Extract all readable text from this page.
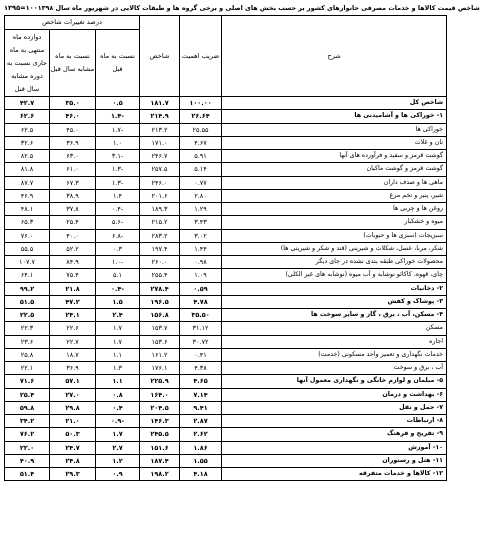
۱۰۰=۱۳۹۵ شاخص قیمت کالاها و خدمات مصرفی خانوارهای کشور بر حسب بخش های اصلی و برخی گروه ها و طبقات کالایی در شهریور ماه سال ۱۳۹۸
شرح	ضریب اهمیت	شاخص	درصد تغییرات شاخص		
			نسبت به ماه قبل	نسبت به ماه مشابه سال قبل	دوازده ماه منتهی به ماه جاری نسبت به دوره مشابه سال قبل
شاخص کل	۱۰۰.۰۰	۱۸۱.۷	۰.۵	۳۵.۰	۴۲.۷
۱- خوراکی ها و آشامیدنی ها	۲۶.۶۴	۲۱۴.۹	-۱.۴	۴۶.۰	۶۲.۶
خوراکی ها	۲۵.۵۵	۲۱۳.۲	-۱.۷	۴۵.۰	۶۲.۵
نان و غلات	۴.۶۷	۱۷۱.۰	۱.۰	۳۶.۹	۳۲.۶
گوشت قرمز و سفید و فرآورده های آنها	۵.۹۱	۲۴۶.۷	-۳.۱	۶۳.۰	۸۲.۵
گوشت قرمز و گوشت ماکیان	۵.۱۴	۲۵۷.۵	-۱.۳	۶۱.۰	۸۱.۸
ماهی ها و صدف داران	۰.۷۷	۲۴۶.۰	-۱.۳	۶۷.۳	۸۷.۷
شیر، پنیر و تخم مرغ	۲.۸۰	۲۰۱.۶	۱.۴	۳۸.۹	۴۶.۹
روغن ها و چربی ها	۱.۲۹	۱۸۹.۳	-۰.۴	۳۷.۸	۴۸.۱
میوه و خشکبار	۳.۴۳	۲۱۵.۲	-۵.۶	۲۵.۴	۶۵.۳
سبزیجات (سبزی ها و حبوبات)	۳.۰۲	۲۸۳.۲	-۶.۸	۴۰.۰	۷۶.۰
شکر، مربا، عسل، شکلات و شیرینی (قند و شکر و شیرینی ها)	۱.۴۴	۱۹۷.۴	۰.۳	۵۲.۲	۵۵.۵
محصولات خوراکی طبقه بندی نشده در جای دیگر	۰.۹۸	۲۶۰.۰	-۱.۰	۸۴.۹	۱۰۷.۷
چای، قهوه، کاکائو نوشابه و آب میوه (نوشابه های غیر الکلی)	۱.۰۹	۲۵۵.۴	۵.۱	۷۵.۴	۶۴.۱
۲- دخانیات	۰.۵۹	۲۷۸.۴	-۰.۴	۲۱.۸	۹۹.۲
۳- پوشاک و کفش	۴.۷۸	۱۹۶.۵	۱.۵	۴۷.۲	۵۱.۵
۴- مسکن، آب ، برق ، گاز و سایر سوخت ها	۳۵.۵۰	۱۵۶.۸	۲.۴	۲۴.۱	۲۲.۵
مسکن	۳۱.۱۲	۱۵۳.۷	۱.۷	۲۲.۶	۲۲.۳
اجاره	۳۰.۷۲	۱۵۳.۶	۱.۷	۲۲.۷	۲۳.۶
خدمات نگهداری و تعمیر واحد مسکونی (خدمت)	۰.۴۱	۱۶۱.۲	۱.۱	۱۸.۷	۲۵.۸
آب ، برق و سوخت	۴.۳۸	۱۷۶.۱	۱.۳	۳۶.۹	۲۲.۱
۵- مبلمان و لوازم خانگی و نگهداری معمول آنها	۴.۶۵	۲۲۵.۹	۱.۱	۵۷.۱	۷۱.۶
۶- بهداشت و درمان	۷.۱۴	۱۶۴.۰	۰.۸	۲۷.۰	۲۵.۴
۷- حمل و نقل	۹.۴۱	۲۰۴.۵	۰.۴	۲۹.۸	۵۹.۸
۸- ارتباطات	۲.۸۷	۱۴۶.۳	-۰.۹	۲۱.۰	۳۴.۲
۹- تفریح و فرهنگ	۲.۶۲	۲۴۵.۵	۱.۷	۵۰.۳	۷۶.۲
۱۰- آموزش	۱.۸۶	۱۵۱.۶	۲.۷	۲۴.۷	۲۲.۰
۱۱- هتل و رستوران	۱.۵۵	۱۸۷.۴	۱.۲	۲۴.۸	۴۰.۹
۱۲- کالاها و خدمات متفرقه	۴.۱۸	۱۹۸.۲	۰.۹	۲۹.۳	۵۱.۴
